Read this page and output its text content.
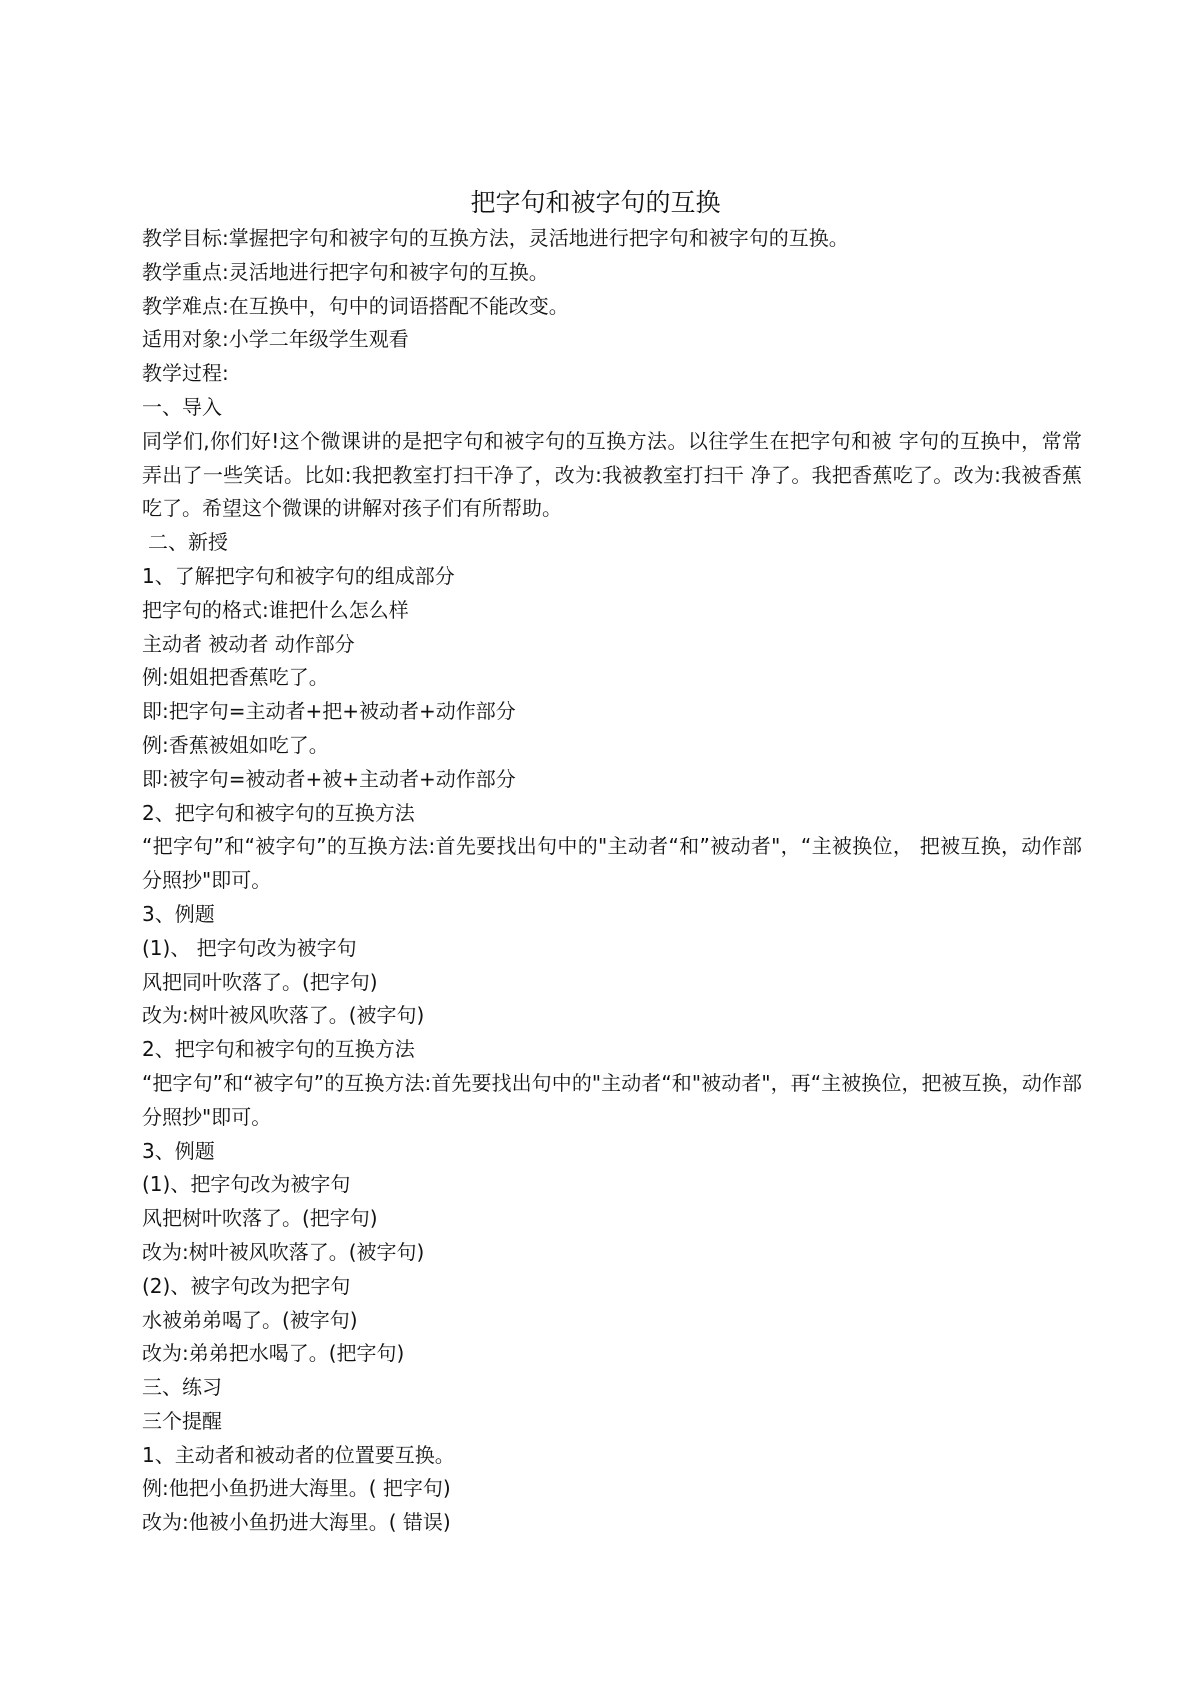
把字句和被字句的互换

教学目标:掌握把字句和被字句的互换方法，灵活地进行把字句和被字句的互换。

教学重点:灵活地进行把字句和被字句的互换。

教学难点:在互换中，句中的词语搭配不能改变。

适用对象:小学二年级学生观看

教学过程:

一、导入

同学们,你们好!这个微课讲的是把字句和被字句的互换方法。以往学生在把字句和被 字句的互换中，常常弄出了一些笑话。比如:我把教室打扫干净了，改为:我被教室打扫干 净了。我把香蕉吃了。改为:我被香蕉吃了。希望这个微课的讲解对孩子们有所帮助。

二、新授

1、了解把字句和被字句的组成部分

把字句的格式:谁把什么怎么样

主动者 被动者 动作部分

例:姐姐把香蕉吃了。

即:把字句=主动者+把+被动者+动作部分

例:香蕉被姐如吃了。

即:被字句=被动者+被+主动者+动作部分

2、把字句和被字句的互换方法

“把字句”和“被字句”的互换方法:首先要找出句中的"主动者“和”被动者"，“主被换位， 把被互换，动作部分照抄"即可。

3、例题

(1)、 把字句改为被字句

风把同叶吹落了。(把字句)

改为:树叶被风吹落了。(被字句)

2、把字句和被字句的互换方法

“把字句”和“被字句”的互换方法:首先要找出句中的"主动者“和"被动者"，再“主被换位，把被互换，动作部分照抄"即可。

3、例题

(1)、把字句改为被字句

风把树叶吹落了。(把字句)

改为:树叶被风吹落了。(被字句)

(2)、被字句改为把字句

水被弟弟喝了。(被字句)

改为:弟弟把水喝了。(把字句)

三、练习

三个提醒

1、主动者和被动者的位置要互换。

例:他把小鱼扔进大海里。( 把字句)

改为:他被小鱼扔进大海里。( 错误)
